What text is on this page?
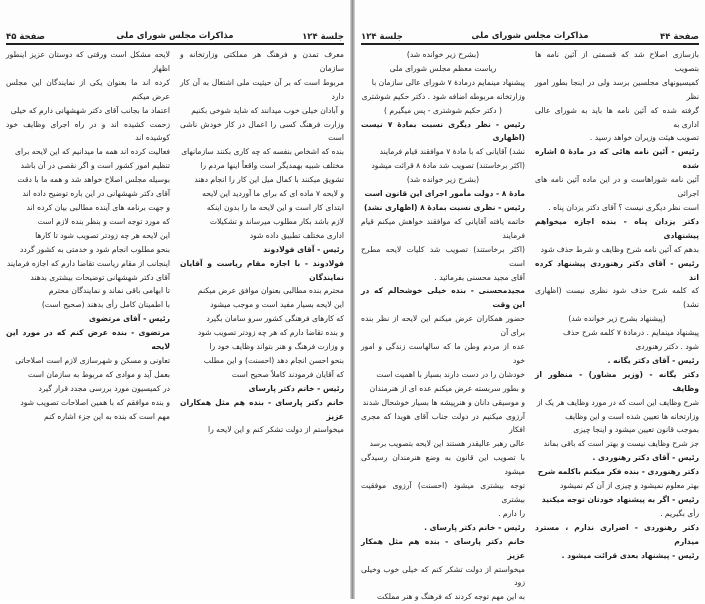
جلسة ۱۲۴
مذاکرات مجلس شورای ملی
صفحة ۴۵

معرف تمدن و فرهنگ هر مملکتی وزارتخانه و سازمان

مربوط است که بر آن حیثیت ملی اشتغال به آن کار دارد

و آبادان خیلی خوب میدانند که شاید شوخی بکنیم

وزارت فرهنگ کسی را اعمال در کار خودش ناشی است

بنده که اشخاص بنفسه که چه کاری بکنند سازمانهای

مختلف شبیه بهمدیگر است واقعاً اینها مردم را

تشویق میکنند با کمال میل این کار را انجام دهند

و لایحه ۷ ماده ای که برای ما آوردید این لایحه

ابتدای کار است و این لایحه ما را بدون اینکه

لازم باشد بکار مطلوب میرساند و تشکیلات

اداری مختلف تطبیق داده شود

رئیس - آقای فولادوند

فولادوند - با اجازه مقام ریاست و آقایان نمایندگان

محترم بنده مطالبی بعنوان موافق عرض میکنم

این لایحه بسیار مفید است و موجب میشود

که کارهای فرهنگی کشور سرو سامان بگیرد

و بنده تقاضا دارم که هر چه زودتر تصویب شود

و وزارت فرهنگ و هنر بتواند وظایف خود را

بنحو احسن انجام دهد (احسنت) و این مطلب

که آقایان فرمودند کاملاً صحیح است

رئیس - خانم دکتر پارسای

خانم دکتر پارسای - بنده هم مثل همکاران عزیز

میخواستم از دولت تشکر کنم و این لایحه را

لایحه مشکل است ورقتی که دوستان عزیز اینطور اظهار

کرده اند ما بعنوان یکی از نمایندگان این مجلس عرض میکنم

اعتماد ما بجانب آقای دکتر شهشهانی دارم که خیلی

زحمت کشیده اند و در راه اجرای وظایف خود کوشیده اند

فعالیت کرده اند همه ما میدانیم که این لایحه برای

تنظیم امور کشور است و اگر نقصی در آن باشد

بوسیله مجلس اصلاح خواهد شد و همه ما با دقت

آقای دکتر شهشهانی در این باره توضیح داده اند

و جهت برنامه های آینده مطالبی بیان کرده اند

که مورد توجه است و بنظر بنده لازم است

این لایحه هر چه زودتر تصویب شود تا کارها

بنحو مطلوب انجام شود و خدمتی به کشور گردد

اینجانب از مقام ریاست تقاضا دارم که اجازه فرمایند

آقای دکتر شهشهانی توضیحات بیشتری بدهند

تا ابهامی باقی نماند و نمایندگان محترم

با اطمینان کامل رأی بدهند (صحیح است)

رئیس - آقای مرتضوی

مرتضوی - بنده عرض کنم که در مورد این لایحه

تعاونی و مسکن و شهرسازی لازم است اصلاحاتی

بعمل آید و موادی که مربوط به سازمان است

در کمیسیون مورد بررسی مجدد قرار گیرد

و بنده موافقم که با همین اصلاحات تصویب شود

مهم است که بنده به این جزء اشاره کنم

صفحة ۴۴
مذاکرات مجلس شورای ملی
جلسة ۱۲۴

بازسازی اصلاح شد که قسمتی از آئین نامه ها بتصویب

کمیسیونهای مجلسین برسد ولی در اینجا بطور امور نظر

گرفته شده که آئین نامه ها باید به شورای عالی اداری به

تصویب هیئت وزیران خواهد رسید .

رئیس - آئین نامه هائی که در مادهٔ ۵ اشاره شده

آئین نامه شوراهاست و در این ماده آئین نامه های اجرائی

است نظر دیگری نیست ؟ آقای دکتر یزدان پناه .

دکتر یزدان پناه - بنده اجازه میخواهم پیشنهادی

بدهم که آئین نامه شرح وظایف و شرط حذف شود

رئیس - آقای دکتر رهنوردی پیشنهاد کرده اند

که کلمه شرح حذف شود نظری نیست (اظهاری نشد)

(پیشنهاد بشرح زیر خوانده شد)

پیشنهاد مینمایم . درمادهٔ ۷ کلمه شرح حذف

شود . دکتر رهنوردی

رئیس - آقای دکتر یگانه .

دکتر یگانه - (وزیر مشاور) - منظور از وظایف

شرح وظایف این است که در مورد وظایف هر یک از

وزارتخانه ها تعیین شده است و این وظایف

بموجب قانون تعیین میشود و اینجا چیزی

جز شرح وظایف نیست و بهتر است که باقی بماند

رئیس - آقای دکتر رهنوردی .

دکتر رهنوردی - بنده فکر میکنم باکلمه شرح

بهتر معلوم نمیشود و چیزی از آن کم نمیشود

رئیس - اگر به پیشنهاد خودتان توجه میکنید

رأی بگیریم .

دکتر رهنوردی - اصراری ندارم ، مسترد میدارم

رئیس - پیشنهاد بعدی قرائت میشود .

(بشرح زیر خوانده شد)

ریاست معظم مجلس شورای ملی

پیشنهاد مینمایم درمادهٔ ۷ شورای عالی سازمان با

وزارتخانه مربوطه اضافه شود . دکتر حکیم شوشتری

( دکتر حکیم شوشتری - پس میگیرم )

رئیس - نظر دیگری نسبت بمادهٔ ۷ نیست (اظهاری

نشد) آقایانی که با مادهٔ ۷ موافقند قیام فرمایند

(اکثر برخاستند) تصویب شد مادهٔ ۸ قرائت میشود

(بشرح زیر خوانده شد)

مادهٔ ۸ - دولت مأمور اجرای این قانون است

رئیس - نظری نسبت بمادهٔ ۸ (اظهاری نشد)

خاتمه یافته آقایانی که موافقند خواهش میکنم قیام فرمایند

(اکثر برخاستند) تصویب شد کلیات لایحه مطرح است

آقای مجید محسنی بفرمائید .

مجیدمحسنی - بنده خیلی خوشحالم که در این وقت

حضور همکاران عرض میکنم این لایحه از نظر بنده برای آن

عده از مردم وطن ما که سالهاست زندگی و امور خود

خودشان را در دست دارند بسیار با اهمیت است

و بطور سربسته عرض میکنم عده ای از هنرمندان

و موسیقی دانان و هنرپیشه ها بسیار خوشحال شدند

آرزوی میکنیم در دولت جناب آقای هویدا که مجری افکار

عالی رهبر عالیقدر هستند این لایحه بتصویب برسد

با تصویب این قانون به وضع هنرمندان رسیدگی میشود

توجه بیشتری میشود (احسنت) آرزوی موفقیت بیشتری

را دارم .

رئیس - خانم دکتر پارسای .

خانم دکتر پارسای - بنده هم مثل همکار عزیز

میخواستم از دولت تشکر کنم که خیلی خوب وخیلی زود

به این مهم توجه کردند که فرهنگ و هنر مملکت
